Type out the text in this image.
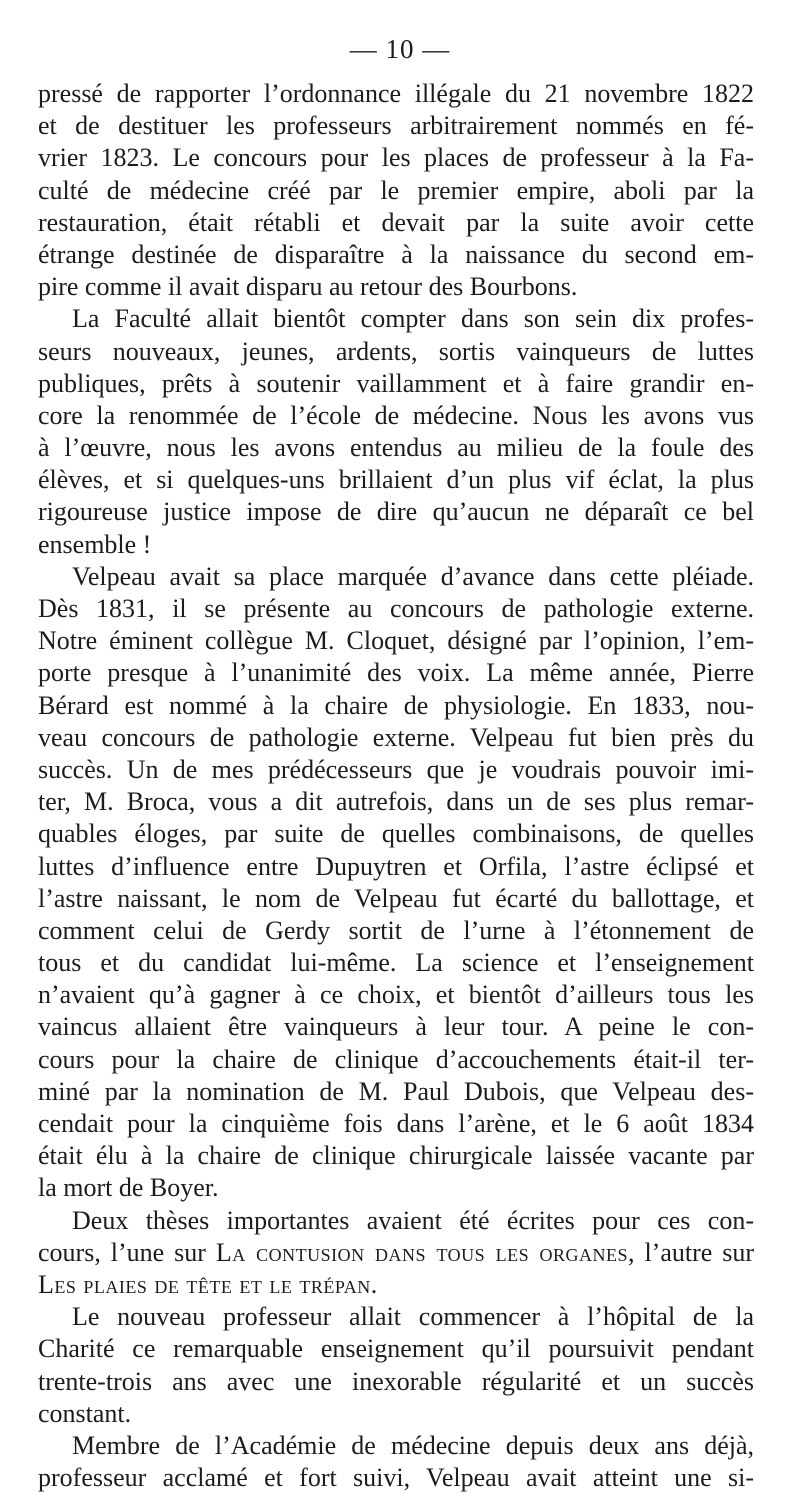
— 10 —
pressé de rapporter l’ordonnance illégale du 21 novembre 1822
et de destituer les professeurs arbitrairement nommés en fé-
vrier 1823. Le concours pour les places de professeur à la Fa-
culté de médecine créé par le premier empire, aboli par la
restauration, était rétabli et devait par la suite avoir cette
étrange destinée de disparaître à la naissance du second em-
pire comme il avait disparu au retour des Bourbons.
La Faculté allait bientôt compter dans son sein dix profes-
seurs nouveaux, jeunes, ardents, sortis vainqueurs de luttes
publiques, prêts à soutenir vaillamment et à faire grandir en-
core la renommée de l’école de médecine. Nous les avons vus
à l’œuvre, nous les avons entendus au milieu de la foule des
élèves, et si quelques-uns brillaient d’un plus vif éclat, la plus
rigoureuse justice impose de dire qu’aucun ne déparaît ce bel
ensemble !
Velpeau avait sa place marquée d’avance dans cette pléiade.
Dès 1831, il se présente au concours de pathologie externe.
Notre éminent collègue M. Cloquet, désigné par l’opinion, l’em-
porte presque à l’unanimité des voix. La même année, Pierre
Bérard est nommé à la chaire de physiologie. En 1833, nou-
veau concours de pathologie externe. Velpeau fut bien près du
succès. Un de mes prédécesseurs que je voudrais pouvoir imi-
ter, M. Broca, vous a dit autrefois, dans un de ses plus remar-
quables éloges, par suite de quelles combinaisons, de quelles
luttes d’influence entre Dupuytren et Orfila, l’astre éclipsé et
l’astre naissant, le nom de Velpeau fut écarté du ballottage, et
comment celui de Gerdy sortit de l’urne à l’étonnement de
tous et du candidat lui-même. La science et l’enseignement
n’avaient qu’à gagner à ce choix, et bientôt d’ailleurs tous les
vaincus allaient être vainqueurs à leur tour. A peine le con-
cours pour la chaire de clinique d’accouchements était-il ter-
miné par la nomination de M. Paul Dubois, que Velpeau des-
cendait pour la cinquième fois dans l’arène, et le 6 août 1834
était élu à la chaire de clinique chirurgicale laissée vacante par
la mort de Boyer.
Deux thèses importantes avaient été écrites pour ces con-
cours, l’une sur La contusion dans tous les organes, l’autre sur
Les plaies de tête et le trépan.
Le nouveau professeur allait commencer à l’hôpital de la
Charité ce remarquable enseignement qu’il poursuivit pendant
trente-trois ans avec une inexorable régularité et un succès
constant.
Membre de l’Académie de médecine depuis deux ans déjà,
professeur acclamé et fort suivi, Velpeau avait atteint une si-
